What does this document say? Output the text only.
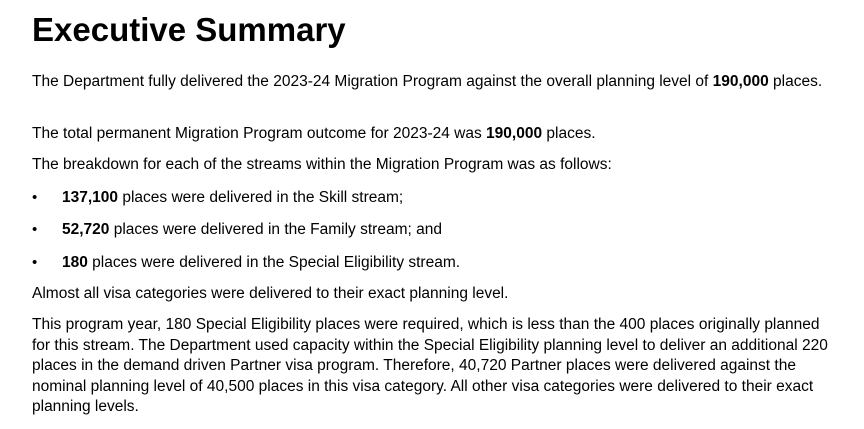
Executive Summary
The Department fully delivered the 2023-24 Migration Program against the overall planning level of 190,000 places.
The total permanent Migration Program outcome for 2023-24 was 190,000 places.
The breakdown for each of the streams within the Migration Program was as follows:
• 137,100 places were delivered in the Skill stream;
• 52,720 places were delivered in the Family stream; and
• 180 places were delivered in the Special Eligibility stream.
Almost all visa categories were delivered to their exact planning level.
This program year, 180 Special Eligibility places were required, which is less than the 400 places originally planned for this stream. The Department used capacity within the Special Eligibility planning level to deliver an additional 220 places in the demand driven Partner visa program. Therefore, 40,720 Partner places were delivered against the nominal planning level of 40,500 places in this visa category. All other visa categories were delivered to their exact planning levels.
